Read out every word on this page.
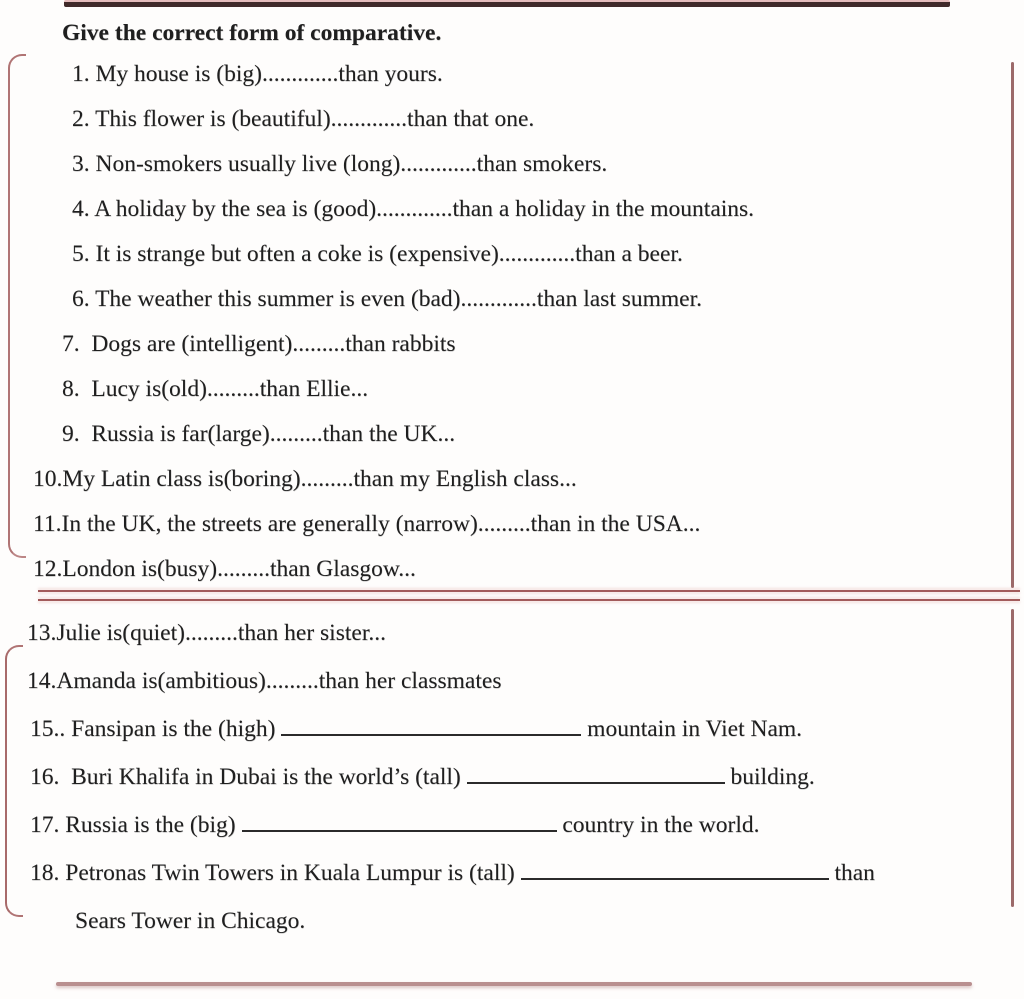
Give the correct form of comparative.
1. My house is (big).............than yours.
2. This flower is (beautiful).............than that one.
3. Non-smokers usually live (long).............than smokers.
4. A holiday by the sea is (good).............than a holiday in the mountains.
5. It is strange but often a coke is (expensive).............than a beer.
6. The weather this summer is even (bad).............than last summer.
7.  Dogs are (intelligent).........than rabbits
8.  Lucy is(old).........than Ellie...
9.  Russia is far(large).........than the UK...
10.My Latin class is(boring).........than my English class...
11.In the UK, the streets are generally (narrow).........than in the USA...
12.London is(busy).........than Glasgow...
13.Julie is(quiet).........than her sister...
14.Amanda is(ambitious).........than her classmates
15.. Fansipan is the (high)	mountain in Viet Nam.
16.  Buri Khalifa in Dubai is the world’s (tall)	building.
17. Russia is the (big)	country in the world.
18. Petronas Twin Towers in Kuala Lumpur is (tall)	than
Sears Tower in Chicago.
